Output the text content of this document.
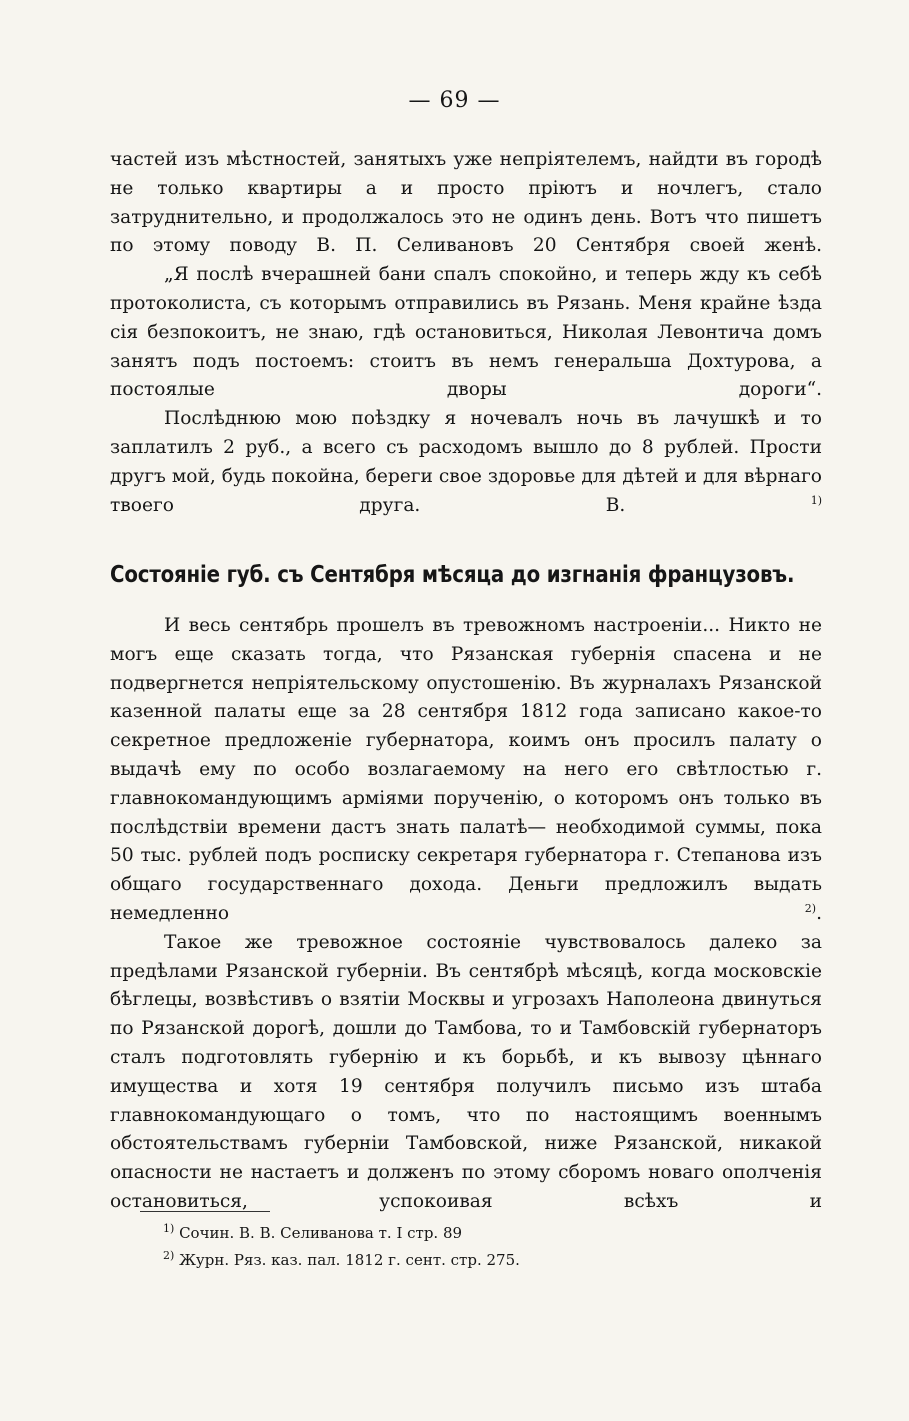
— 69 —

частей изъ мѣстностей, занятыхъ уже непріятелемъ, найдти въ городѣ не только квартиры а и просто пріютъ и ночлегъ, стало затруднительно, и продолжалось это не одинъ день. Вотъ что пишетъ по этому поводу В. П. Селивановъ 20 Сентября своей женѣ.

„Я послѣ вчерашней бани спалъ спокойно, и теперь жду къ себѣ протоколиста, съ которымъ отправились въ Рязань. Меня крайне ѣзда сія безпокоитъ, не знаю, гдѣ остановиться, Николая Левонтича домъ занятъ подъ постоемъ: стоитъ въ немъ генеральша Дохтурова, а постоялые дворы дороги“.

Послѣднюю мою поѣздку я ночевалъ ночь въ лачушкѣ и то заплатилъ 2 руб., а всего съ расходомъ вышло до 8 рублей. Прости другъ мой, будь покойна, береги свое здоровье для дѣтей и для вѣрнаго твоего друга. В.	$^{1)}$

Состояніе губ. съ Сентября мѣсяца до изгнанія французовъ.

И весь сентябрь прошелъ въ тревожномъ настроеніи... Никто не могъ еще сказать тогда, что Рязанская губернія спасена и не подвергнется непріятельскому опустошенію. Въ журналахъ Рязанской казенной палаты еще за 28 сентября 1812 года записано какое-то секретное предложеніе губернатора, коимъ онъ просилъ палату о выдачѣ ему по особо возлагаемому на него его свѣтлостью г. главнокомандующимъ арміями порученію, о которомъ онъ только въ послѣдствіи времени дастъ знать палатѣ— необходимой суммы, пока 50 тыс. рублей подъ росписку секретаря губернатора г. Степанова изъ общаго государственнаго дохода. Деньги предложилъ выдать немедленно	$^{2)}$.

Такое же тревожное состояніе чувствовалось далеко за предѣлами Рязанской губерніи. Въ сентябрѣ мѣсяцѣ, когда московскіе бѣглецы, возвѣстивъ о взятіи Москвы и угрозахъ Наполеона двинуться по Рязанской дорогѣ, дошли до Тамбова, то и Тамбовскій губернаторъ сталъ подготовлять губернію и къ борьбѣ, и къ вывозу цѣннаго имущества и хотя 19 сентября получилъ письмо изъ штаба главнокомандующаго о томъ, что по настоящимъ военнымъ обстоятельствамъ губерніи Тамбовской, ниже Рязанской, никакой опасности не настаетъ и долженъ по этому сборомъ новаго ополченія остановиться, успокоивая всѣхъ и

$^{1)}$ Сочин. В. В. Селиванова т. I стр. 89

$^{2)}$ Журн. Ряз. каз. пал. 1812 г. сент. стр. 275.
